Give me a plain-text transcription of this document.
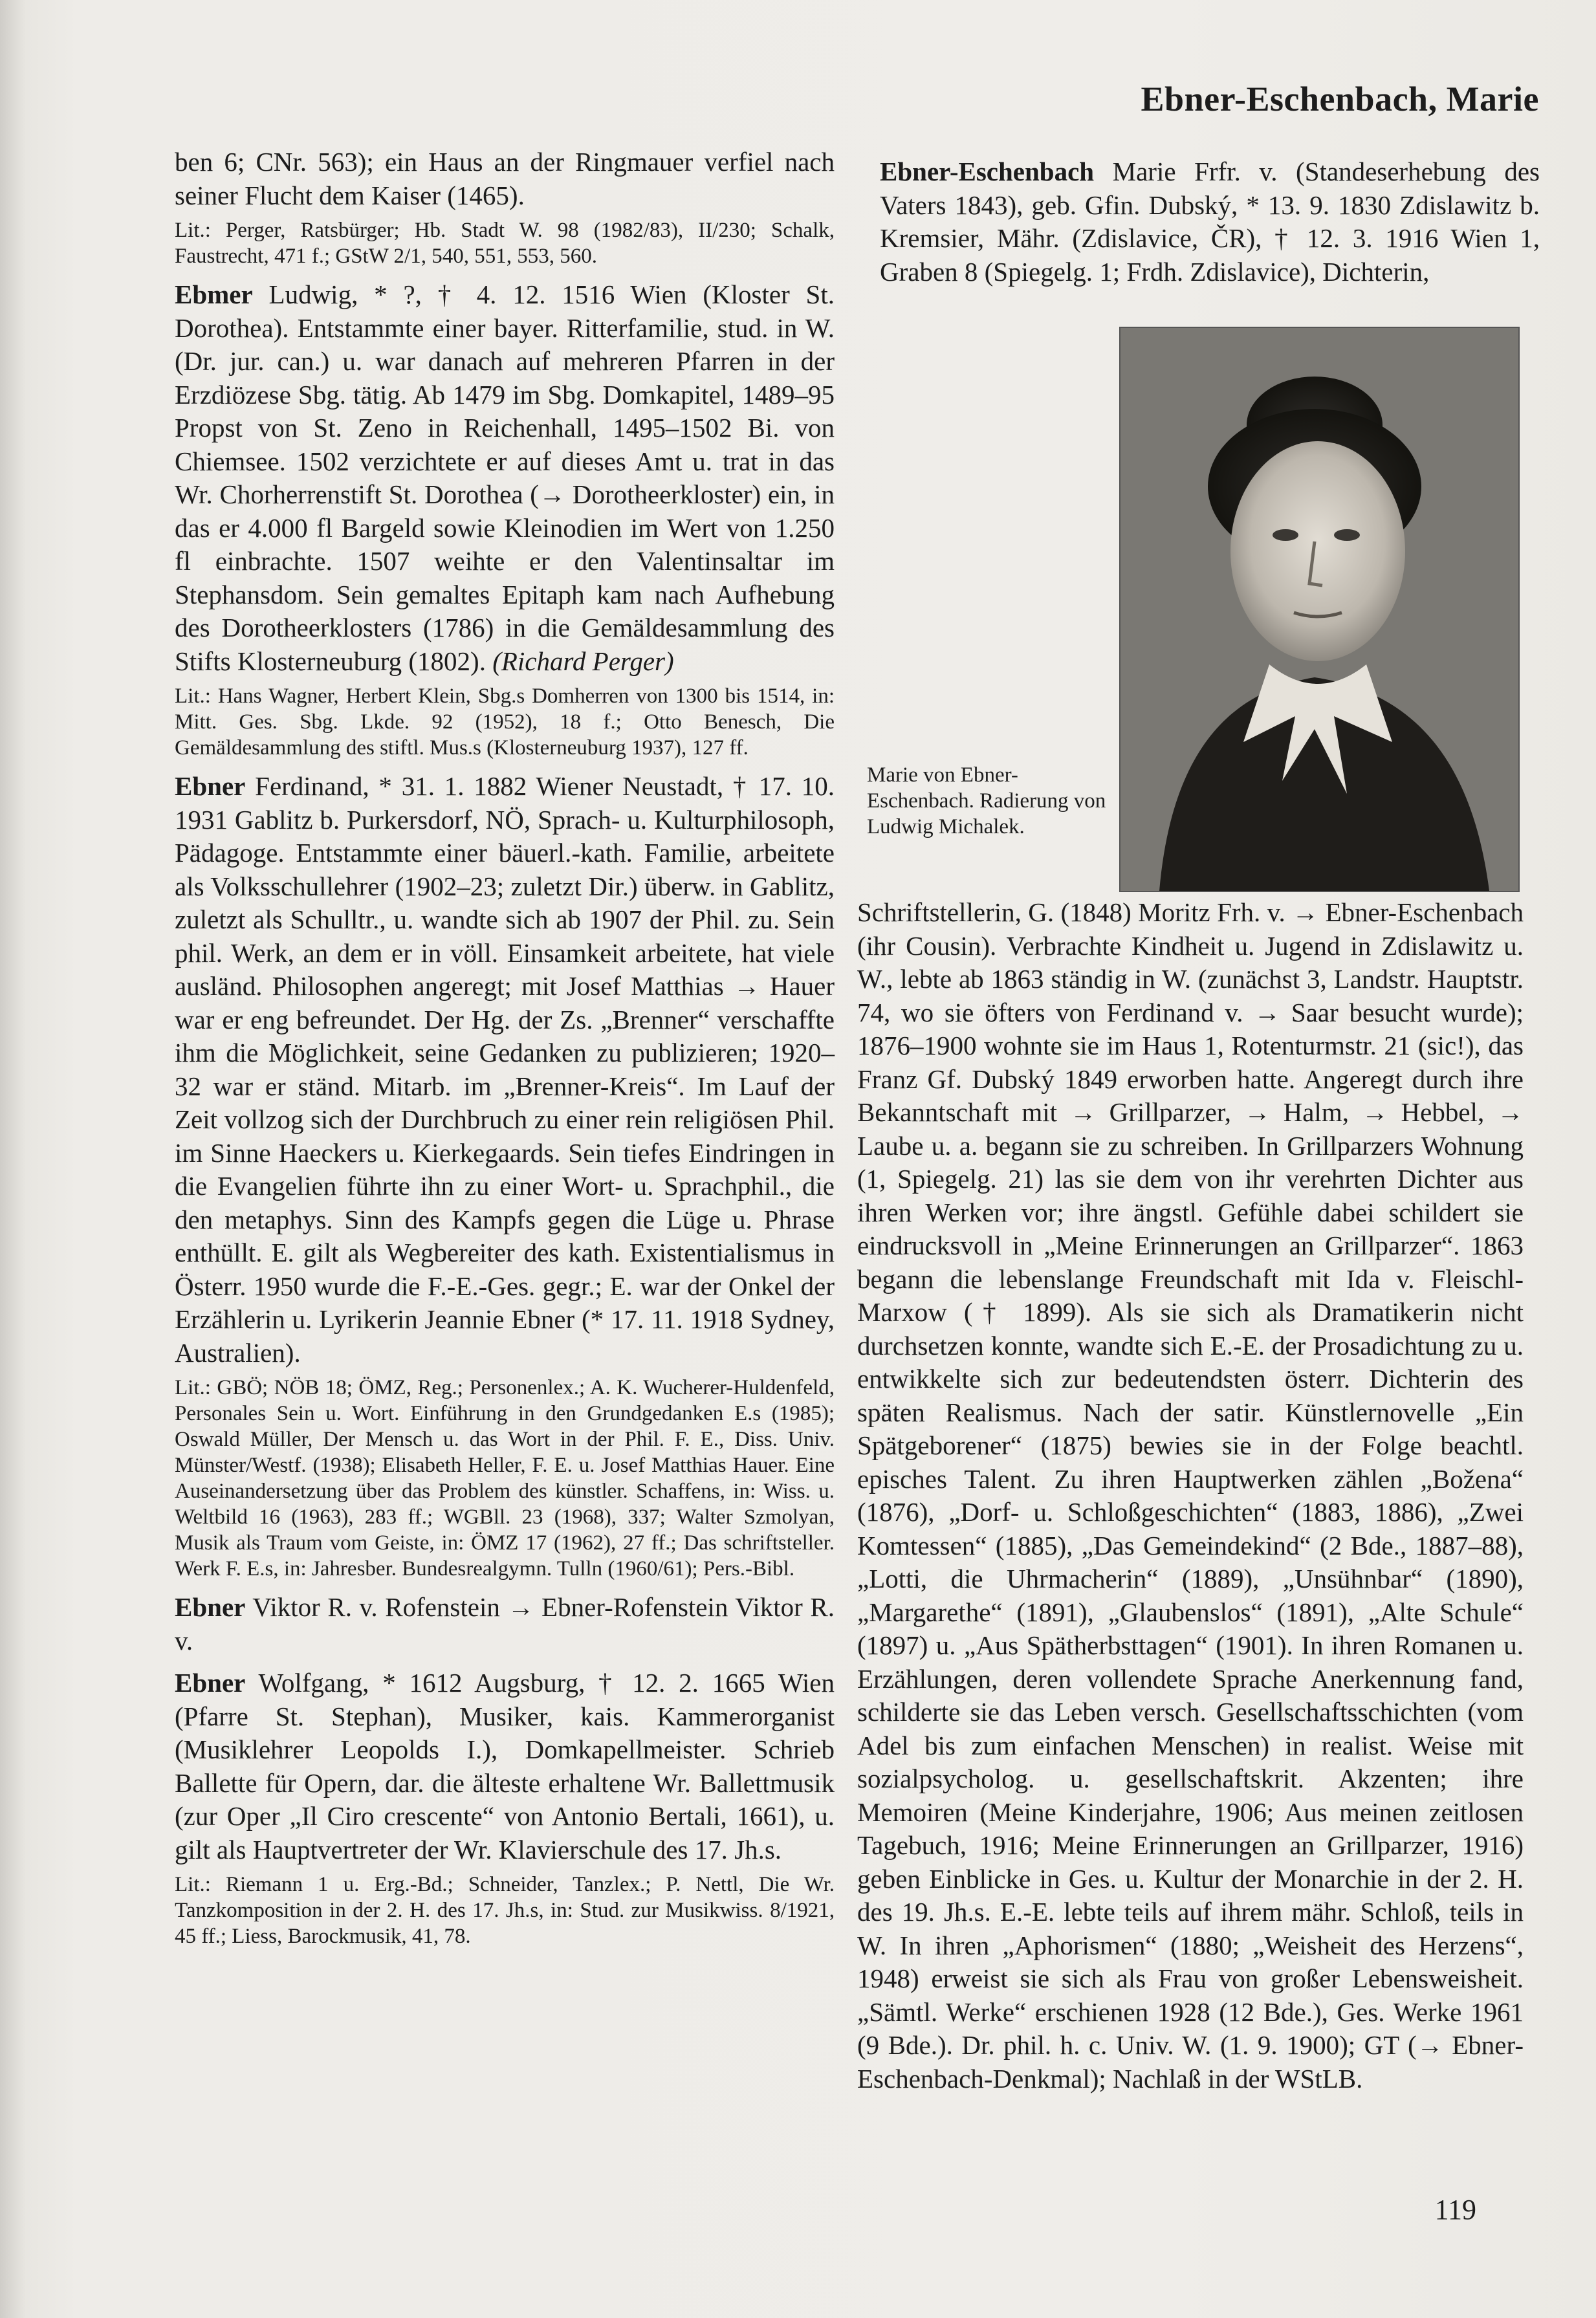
Ebner-Eschenbach, Marie

ben 6; CNr. 563); ein Haus an der Ringmauer verfiel nach seiner Flucht dem Kaiser (1465).

Lit.: Perger, Ratsbürger; Hb. Stadt W. 98 (1982/83), II/230; Schalk, Faustrecht, 471 f.; GStW 2/1, 540, 551, 553, 560.

Ebmer Ludwig, * ?, † 4. 12. 1516 Wien (Kloster St. Dorothea). Entstammte einer bayer. Ritterfamilie, stud. in W. (Dr. jur. can.) u. war danach auf mehreren Pfarren in der Erzdiözese Sbg. tätig. Ab 1479 im Sbg. Domkapitel, 1489–95 Propst von St. Zeno in Reichenhall, 1495–1502 Bi. von Chiemsee. 1502 verzichtete er auf dieses Amt u. trat in das Wr. Chorherrenstift St. Dorothea (→ Dorotheerkloster) ein, in das er 4.000 fl Bargeld sowie Kleinodien im Wert von 1.250 fl einbrachte. 1507 weihte er den Valentinsaltar im Stephansdom. Sein gemaltes Epitaph kam nach Aufhebung des Dorotheerklosters (1786) in die Gemäldesammlung des Stifts Klosterneuburg (1802). (Richard Perger)

Lit.: Hans Wagner, Herbert Klein, Sbg.s Domherren von 1300 bis 1514, in: Mitt. Ges. Sbg. Lkde. 92 (1952), 18 f.; Otto Benesch, Die Gemäldesammlung des stiftl. Mus.s (Klosterneuburg 1937), 127 ff.

Ebner Ferdinand, * 31. 1. 1882 Wiener Neustadt, † 17. 10. 1931 Gablitz b. Purkersdorf, NÖ, Sprach- u. Kulturphilosoph, Pädagoge. Entstammte einer bäuerl.-kath. Familie, arbeitete als Volksschullehrer (1902–23; zuletzt Dir.) überw. in Gablitz, zuletzt als Schulltr., u. wandte sich ab 1907 der Phil. zu. Sein phil. Werk, an dem er in völl. Einsamkeit arbeitete, hat viele ausländ. Philosophen angeregt; mit Josef Matthias → Hauer war er eng befreundet. Der Hg. der Zs. „Brenner“ verschaffte ihm die Möglichkeit, seine Gedanken zu publizieren; 1920–32 war er ständ. Mitarb. im „Brenner-Kreis“. Im Lauf der Zeit vollzog sich der Durchbruch zu einer rein religiösen Phil. im Sinne Haeckers u. Kierkegaards. Sein tiefes Eindringen in die Evangelien führte ihn zu einer Wort- u. Sprachphil., die den metaphys. Sinn des Kampfs gegen die Lüge u. Phrase enthüllt. E. gilt als Wegbereiter des kath. Existentialismus in Österr. 1950 wurde die F.-E.-Ges. gegr.; E. war der Onkel der Erzählerin u. Lyrikerin Jeannie Ebner (* 17. 11. 1918 Sydney, Australien).

Lit.: GBÖ; NÖB 18; ÖMZ, Reg.; Personenlex.; A. K. Wucherer-Huldenfeld, Personales Sein u. Wort. Einführung in den Grundgedanken E.s (1985); Oswald Müller, Der Mensch u. das Wort in der Phil. F. E., Diss. Univ. Münster/Westf. (1938); Elisabeth Heller, F. E. u. Josef Matthias Hauer. Eine Auseinandersetzung über das Problem des künstler. Schaffens, in: Wiss. u. Weltbild 16 (1963), 283 ff.; WGBll. 23 (1968), 337; Walter Szmolyan, Musik als Traum vom Geiste, in: ÖMZ 17 (1962), 27 ff.; Das schriftsteller. Werk F. E.s, in: Jahresber. Bundesrealgymn. Tulln (1960/61); Pers.-Bibl.

Ebner Viktor R. v. Rofenstein → Ebner-Rofenstein Viktor R. v.

Ebner Wolfgang, * 1612 Augsburg, † 12. 2. 1665 Wien (Pfarre St. Stephan), Musiker, kais. Kammerorganist (Musiklehrer Leopolds I.), Domkapellmeister. Schrieb Ballette für Opern, dar. die älteste erhaltene Wr. Ballettmusik (zur Oper „Il Ciro crescente“ von Antonio Bertali, 1661), u. gilt als Hauptvertreter der Wr. Klavierschule des 17. Jh.s.

Lit.: Riemann 1 u. Erg.-Bd.; Schneider, Tanzlex.; P. Nettl, Die Wr. Tanzkomposition in der 2. H. des 17. Jh.s, in: Stud. zur Musikwiss. 8/1921, 45 ff.; Liess, Barockmusik, 41, 78.

Ebner-Eschenbach Marie Frfr. v. (Standeserhebung des Vaters 1843), geb. Gfin. Dubský, * 13. 9. 1830 Zdislawitz b. Kremsier, Mähr. (Zdislavice, ČR), † 12. 3. 1916 Wien 1, Graben 8 (Spiegelg. 1; Frdh. Zdislavice), Dichterin,

Marie von Ebner-Eschenbach. Radierung von Ludwig Michalek.

Schriftstellerin, G. (1848) Moritz Frh. v. → Ebner-Eschenbach (ihr Cousin). Verbrachte Kindheit u. Jugend in Zdislawitz u. W., lebte ab 1863 ständig in W. (zunächst 3, Landstr. Hauptstr. 74, wo sie öfters von Ferdinand v. → Saar besucht wurde); 1876–1900 wohnte sie im Haus 1, Rotenturmstr. 21 (sic!), das Franz Gf. Dubský 1849 erworben hatte. Angeregt durch ihre Bekanntschaft mit → Grillparzer, → Halm, → Hebbel, → Laube u. a. begann sie zu schreiben. In Grillparzers Wohnung (1, Spiegelg. 21) las sie dem von ihr verehrten Dichter aus ihren Werken vor; ihre ängstl. Gefühle dabei schildert sie eindrucksvoll in „Meine Erinnerungen an Grillparzer“. 1863 begann die lebenslange Freundschaft mit Ida v. Fleischl-Marxow († 1899). Als sie sich als Dramatikerin nicht durchsetzen konnte, wandte sich E.-E. der Prosadichtung zu u. entwikkelte sich zur bedeutendsten österr. Dichterin des späten Realismus. Nach der satir. Künstlernovelle „Ein Spätgeborener“ (1875) bewies sie in der Folge beachtl. episches Talent. Zu ihren Hauptwerken zählen „Božena“ (1876), „Dorf- u. Schloßgeschichten“ (1883, 1886), „Zwei Komtessen“ (1885), „Das Gemeindekind“ (2 Bde., 1887–88), „Lotti, die Uhrmacherin“ (1889), „Unsühnbar“ (1890), „Margarethe“ (1891), „Glaubenslos“ (1891), „Alte Schule“ (1897) u. „Aus Spätherbsttagen“ (1901). In ihren Romanen u. Erzählungen, deren vollendete Sprache Anerkennung fand, schilderte sie das Leben versch. Gesellschaftsschichten (vom Adel bis zum einfachen Menschen) in realist. Weise mit sozialpsycholog. u. gesellschaftskrit. Akzenten; ihre Memoiren (Meine Kinderjahre, 1906; Aus meinen zeitlosen Tagebuch, 1916; Meine Erinnerungen an Grillparzer, 1916) geben Einblicke in Ges. u. Kultur der Monarchie in der 2. H. des 19. Jh.s. E.-E. lebte teils auf ihrem mähr. Schloß, teils in W. In ihren „Aphorismen“ (1880; „Weisheit des Herzens“, 1948) erweist sie sich als Frau von großer Lebensweisheit. „Sämtl. Werke“ erschienen 1928 (12 Bde.), Ges. Werke 1961 (9 Bde.). Dr. phil. h. c. Univ. W. (1. 9. 1900); GT (→ Ebner-Eschenbach-Denkmal); Nachlaß in der WStLB.

119
